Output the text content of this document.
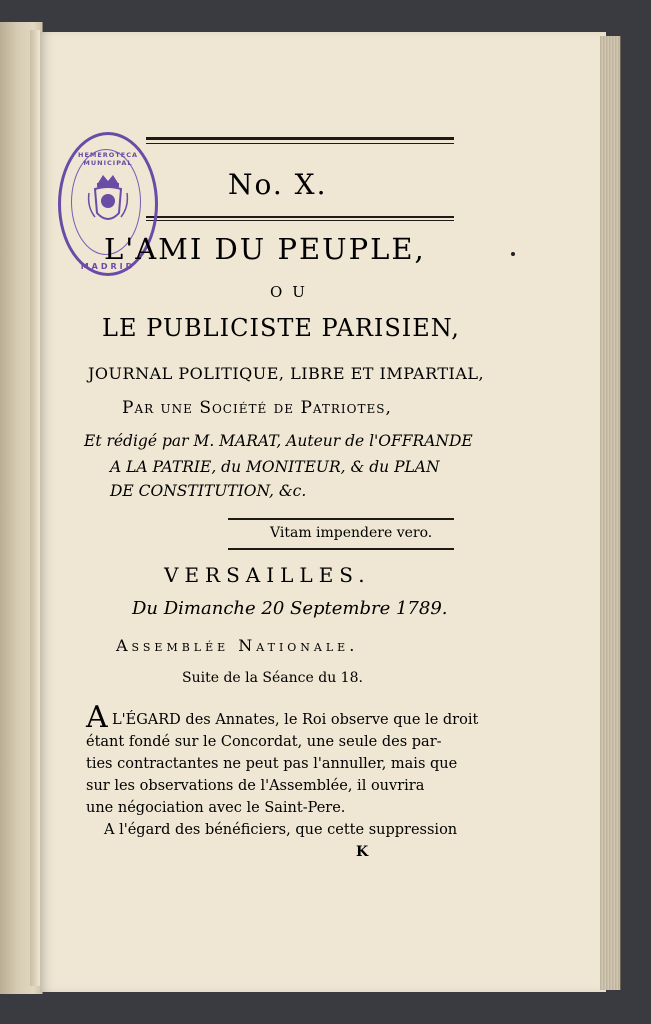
HEMEROTECA MUNICIPAL
MADRID
No. X.
L'AMI DU PEUPLE,
OU
LE PUBLICISTE PARISIEN,
JOURNAL POLITIQUE, LIBRE ET IMPARTIAL,
Par une Société de Patriotes,
Et rédigé par M. MARAT, Auteur de l'OFFRANDE
A LA PATRIE, du MONITEUR, & du PLAN
DE CONSTITUTION, &c.
Vitam impendere vero.
VERSAILLES.
Du Dimanche 20 Septembre 1789.
Assemblée Nationale.
Suite de la Séance du 18.
A L'ÉGARD des Annates, le Roi observe que le droit
étant fondé sur le Concordat, une seule des par-
ties contractantes ne peut pas l'annuller, mais que
sur les observations de l'Assemblée, il ouvrira
une négociation avec le Saint-Pere.
A l'égard des bénéficiers, que cette suppression
K
